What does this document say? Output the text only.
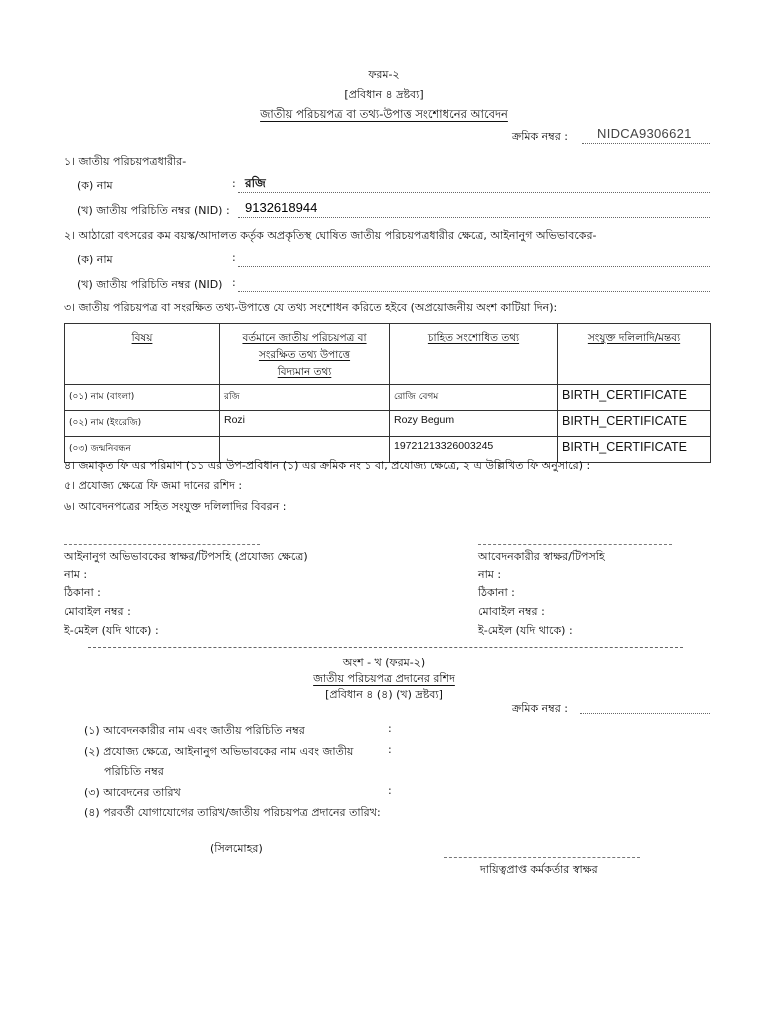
ফরম-২
[প্রবিধান ৪ দ্রষ্টব্য]
জাতীয় পরিচয়পত্র বা তথ্য-উপাত্ত সংশোধনের আবেদন
ক্রমিক নম্বর : NIDCA9306621
১। জাতীয় পরিচয়পত্রধারীর-
(ক) নাম	: রজি
(খ) জাতীয় পরিচিতি নম্বর (NID) : 9132618944
২। আঠারো বৎসরের কম বয়স্ক/আদালত কর্তৃক অপ্রকৃতিস্থ ঘোষিত জাতীয় পরিচয়পত্রধারীর ক্ষেত্রে, আইনানুগ অভিভাবকের-
(ক) নাম	:
(খ) জাতীয় পরিচিতি নম্বর (NID) :
৩। জাতীয় পরিচয়পত্র বা সংরক্ষিত তথ্য-উপাত্তে যে তথ্য সংশোধন করিতে হইবে (অপ্রয়োজনীয় অংশ কাটিয়া দিন):
বিষয়	বর্তমানে জাতীয় পরিচয়পত্র বা
সংরক্ষিত তথ্য উপাত্তে
বিদ্যমান তথ্য	চাহিত সংশোধিত তথ্য	সংযুক্ত দলিলাদি/মন্তব্য
(০১) নাম (বাংলা)	রজি	রোজি বেগম	BIRTH_CERTIFICATE
(০২) নাম (ইংরেজি)	Rozi	Rozy Begum	BIRTH_CERTIFICATE
(০৩) জন্মনিবন্ধন		19721213326003245	BIRTH_CERTIFICATE
৪। জমাকৃত ফি এর পরিমাণ (১১ এর উপ-প্রবিধান (১) এর ক্রমিক নং ১ বা, প্রযোজ্য ক্ষেত্রে, ২ এ উল্লিখিত ফি অনুসারে) :
৫। প্রযোজ্য ক্ষেত্রে ফি জমা দানের রশিদ :
৬। আবেদনপত্রের সহিত সংযুক্ত দলিলাদির বিবরন :
আইনানুগ অভিভাবকের স্বাক্ষর/টিপসহি (প্রযোজ্য ক্ষেত্রে)
নাম :
ঠিকানা :
মোবাইল নম্বর :
ই-মেইল (যদি থাকে) :
আবেদনকারীর স্বাক্ষর/টিপসহি
নাম :
ঠিকানা :
মোবাইল নম্বর :
ই-মেইল (যদি থাকে) :
অংশ - খ (ফরম-২)
জাতীয় পরিচয়পত্র প্রদানের রশিদ
[প্রবিধান ৪ (৪) (খ) দ্রষ্টব্য]
ক্রমিক নম্বর :
(১) আবেদনকারীর নাম এবং জাতীয় পরিচিতি নম্বর	:
(২) প্রযোজ্য ক্ষেত্রে, আইনানুগ অভিভাবকের নাম এবং জাতীয়	:
পরিচিতি নম্বর
(৩) আবেদনের তারিখ	:
(৪) পরবর্তী যোগাযোগের তারিখ/জাতীয় পরিচয়পত্র প্রদানের তারিখ:
(সিলমোহর)
দায়িত্বপ্রাপ্ত কর্মকর্তার স্বাক্ষর
